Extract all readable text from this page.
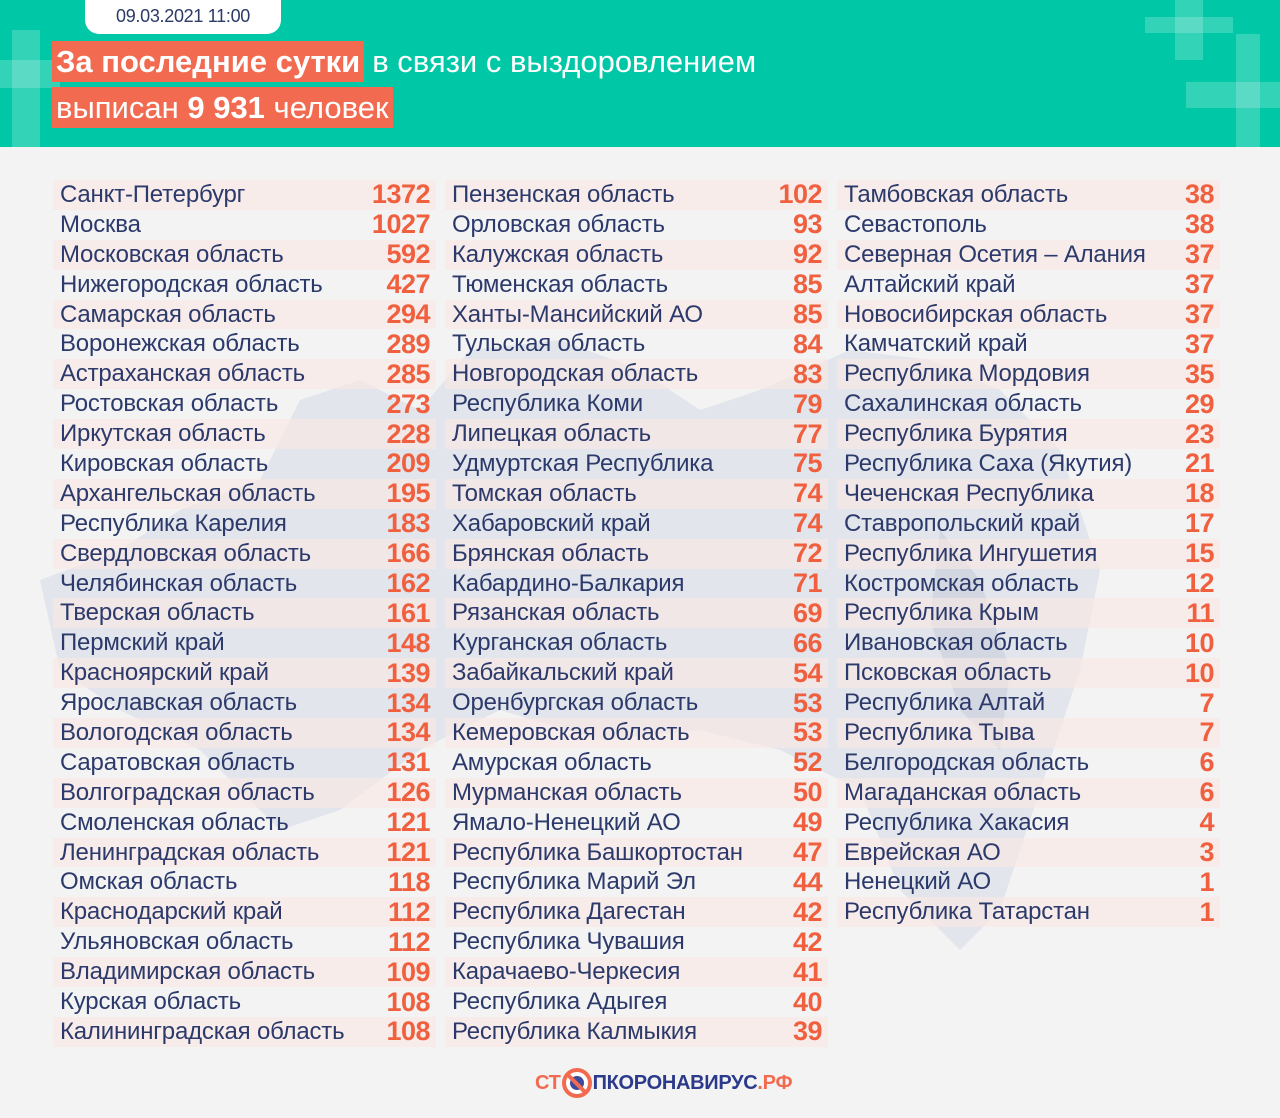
09.03.2021 11:00
За последние сутки в связи с выздоровлением
выписан
9 931
человек
Санкт-Петербург	1372
Москва	1027
Московская область	592
Нижегородская область 427
Самарская область	294
Воронежская область	289
Астраханская область	285
Ростовская область	273
Иркутская область	228
Кировская область	209
Архангельская область	195
Республика Карелия	183
Свердловская область	166
Челябинская область	162
Тверская область	161
Пермский край	148
Красноярский край	139
Ярославская область	134
Вологодская область	134
Саратовская область	131
Волгоградская область	126
Смоленская область	121
Ленинградская область 121
Омская область	118
Краснодарский край	112
Ульяновская область	112
Владимирская область	109
Курская область	108
Калининградская область 108
Пензенская область	102
Орловская область	93
Калужская область	92
Тюменская область	85
Ханты-Мансийский АО	85
Тульская область	84
Новгородская область	83
Республика Коми	79
Липецкая область	77
Удмуртская Республика	75
Томская область	74
Хабаровский край	74
Брянская область	72
Кабардино-Балкария	71
Рязанская область	69
Курганская область	66
Забайкальский край	54
Оренбургская область	53
Кемеровская область	53
Амурская область	52
Мурманская область	50
Ямало-Ненецкий АО	49
Республика Башкортостан 47
Республика Марий Эл	44
Республика Дагестан	42
Республика Чувашия	42
Карачаево-Черкесия	41
Республика Адыгея	40
Республика Калмыкия	39
Тамбовская область	38
Севастополь	38
Северная Осетия – Алания 37
Алтайский край	37
Новосибирская область	37
Камчатский край	37
Республика Мордовия	35
Сахалинская область	29
Республика Бурятия	23
Республика Саха (Якутия) 21
Чеченская Республика	18
Ставропольский край	17
Республика Ингушетия	15
Костромская область	12
Республика Крым	11
Ивановская область	10
Псковская область	10
Республика Алтай	7
Республика Тыва	7
Белгородская область	6
Магаданская область	6
Республика Хакасия	4
Еврейская АО	3
Ненецкий АО	1
Республика Татарстан	1
СТ ПКОРОНАВИРУС .РФ
